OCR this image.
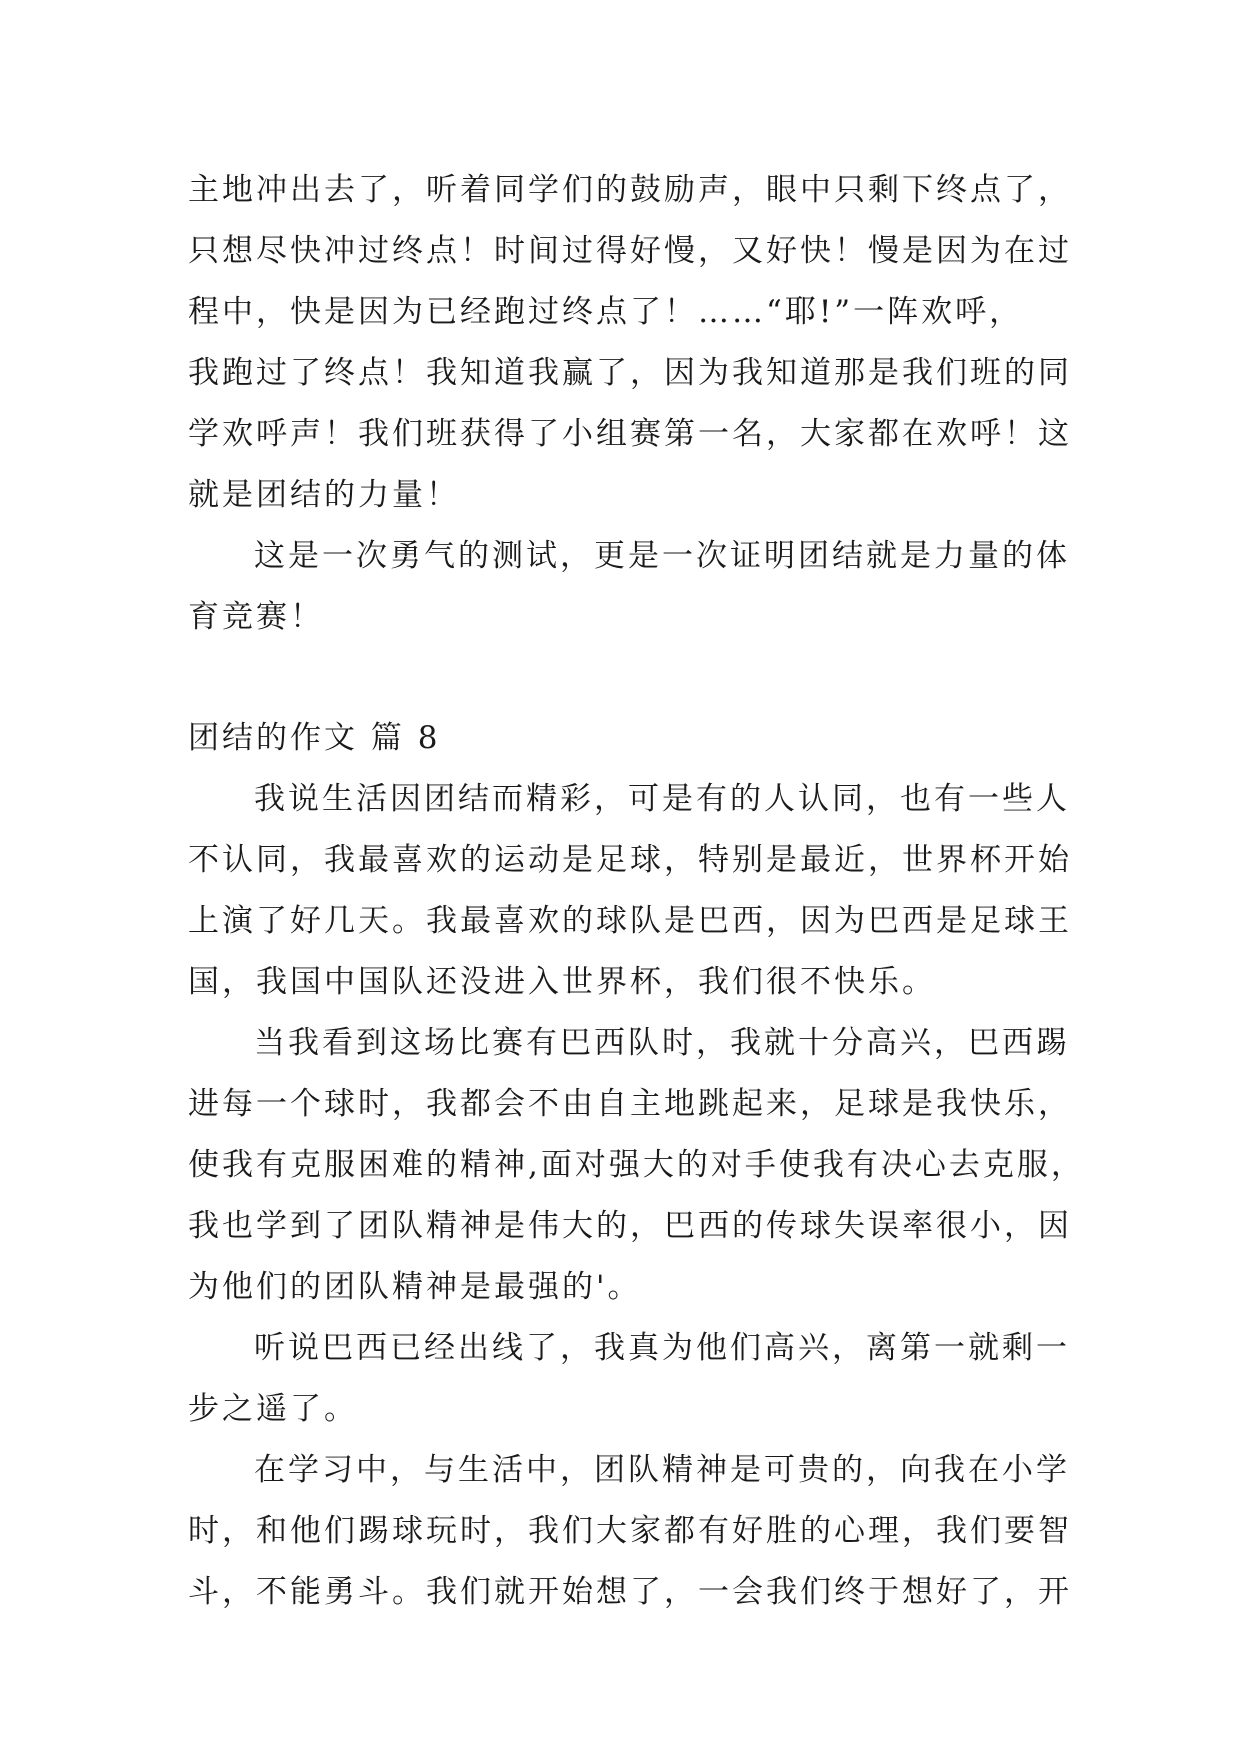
主地冲出去了，听着同学们的鼓励声，眼中只剩下终点了，
只想尽快冲过终点！时间过得好慢，又好快！慢是因为在过
程中，快是因为已经跑过终点了！……“耶!”一阵欢呼，
我跑过了终点！我知道我赢了，因为我知道那是我们班的同
学欢呼声！我们班获得了小组赛第一名，大家都在欢呼！这
就是团结的力量！
这是一次勇气的测试，更是一次证明团结就是力量的体
育竞赛！
团结的作文 篇 8
我说生活因团结而精彩，可是有的人认同，也有一些人
不认同，我最喜欢的运动是足球，特别是最近，世界杯开始
上演了好几天。我最喜欢的球队是巴西，因为巴西是足球王
国，我国中国队还没进入世界杯，我们很不快乐。
当我看到这场比赛有巴西队时，我就十分高兴，巴西踢
进每一个球时，我都会不由自主地跳起来，足球是我快乐，
使我有克服困难的精神,面对强大的对手使我有决心去克服，
我也学到了团队精神是伟大的，巴西的传球失误率很小，因
为他们的团队精神是最强的'。
听说巴西已经出线了，我真为他们高兴，离第一就剩一
步之遥了。
在学习中，与生活中，团队精神是可贵的，向我在小学
时，和他们踢球玩时，我们大家都有好胜的心理，我们要智
斗，不能勇斗。我们就开始想了，一会我们终于想好了，开
